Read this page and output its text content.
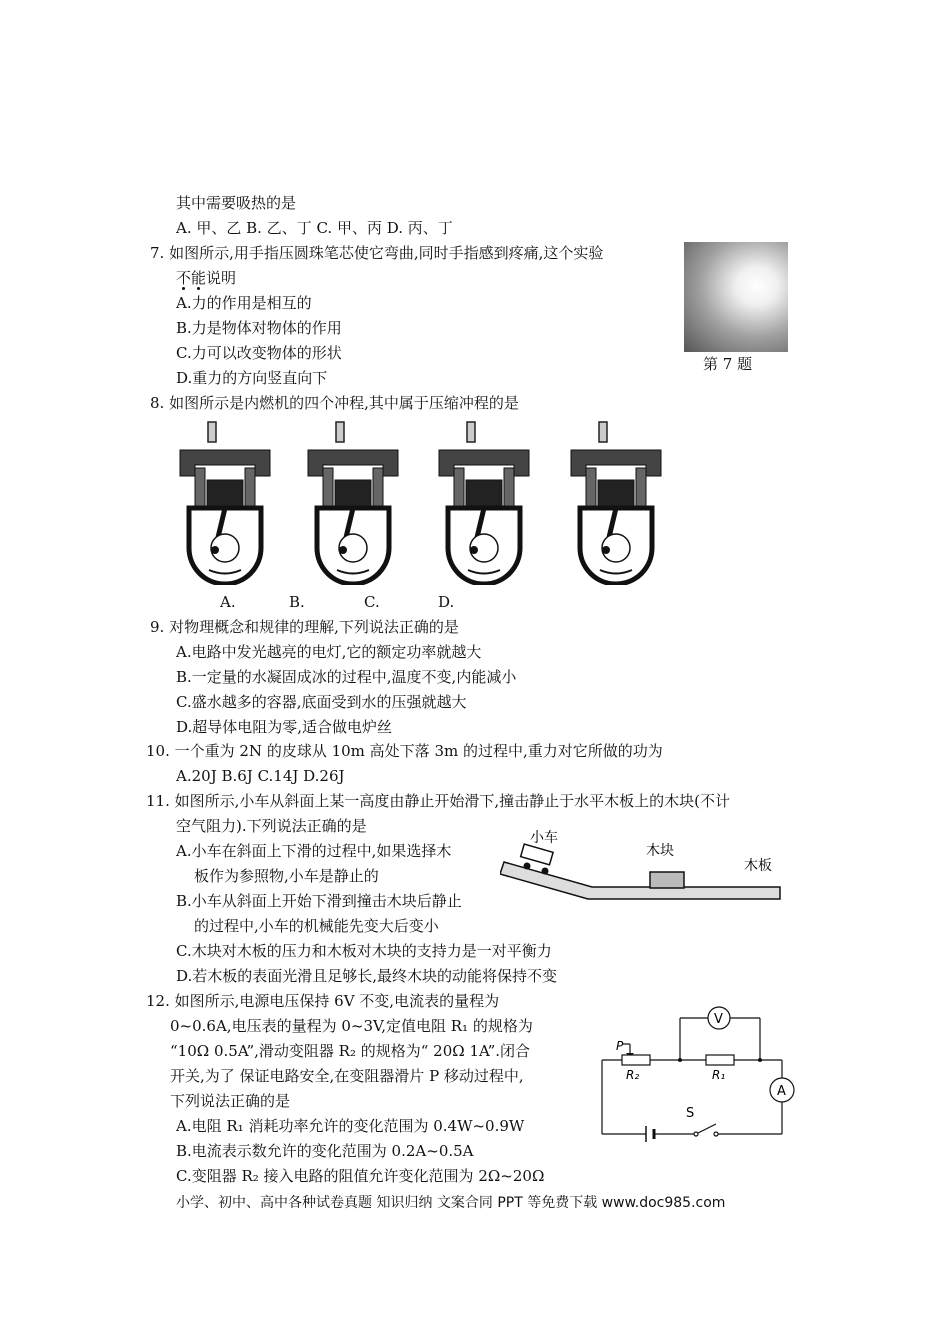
其中需要吸热的是
A. 甲、乙 B. 乙、丁 C. 甲、丙 D. 丙、丁
7. 如图所示,用手指压圆珠笔芯使它弯曲,同时手指感到疼痛,这个实验
不能说明
A.力的作用是相互的
B.力是物体对物体的作用
C.力可以改变物体的形状
D.重力的方向竖直向下
第 7 题
8. 如图所示是内燃机的四个冲程,其中属于压缩冲程的是
A.	B.	C.	D.
9. 对物理概念和规律的理解,下列说法正确的是
A.电路中发光越亮的电灯,它的额定功率就越大
B.一定量的水凝固成冰的过程中,温度不变,内能减小
C.盛水越多的容器,底面受到水的压强就越大
D.超导体电阻为零,适合做电炉丝
10. 一个重为 2N 的皮球从 10m 高处下落 3m 的过程中,重力对它所做的功为
A.20J B.6J C.14J D.26J
11. 如图所示,小车从斜面上某一高度由静止开始滑下,撞击静止于水平木板上的木块(不计
空气阻力).下列说法正确的是
A.小车在斜面上下滑的过程中,如果选择木
板作为参照物,小车是静止的
B.小车从斜面上开始下滑到撞击木块后静止
的过程中,小车的机械能先变大后变小
C.木块对木板的压力和木板对木块的支持力是一对平衡力
D.若木板的表面光滑且足够长,最终木块的动能将保持不变
小车
木块
木板
12. 如图所示,电源电压保持 6V 不变,电流表的量程为
0~0.6A,电压表的量程为 0~3V,定值电阻 R₁ 的规格为
“10Ω 0.5A”,滑动变阻器 R₂ 的规格为“ 20Ω 1A”.闭合
开关,为了 保证电路安全,在变阻器滑片 P 移动过程中,
下列说法正确的是
A.电阻 R₁ 消耗功率允许的变化范围为 0.4W~0.9W
B.电流表示数允许的变化范围为 0.2A~0.5A
C.变阻器 R₂ 接入电路的阻值允许变化范围为 2Ω~20Ω
V
A
P
R₂	R₁
S
小学、初中、高中各种试卷真题 知识归纳 文案合同 PPT 等免费下载 www.doc985.com
